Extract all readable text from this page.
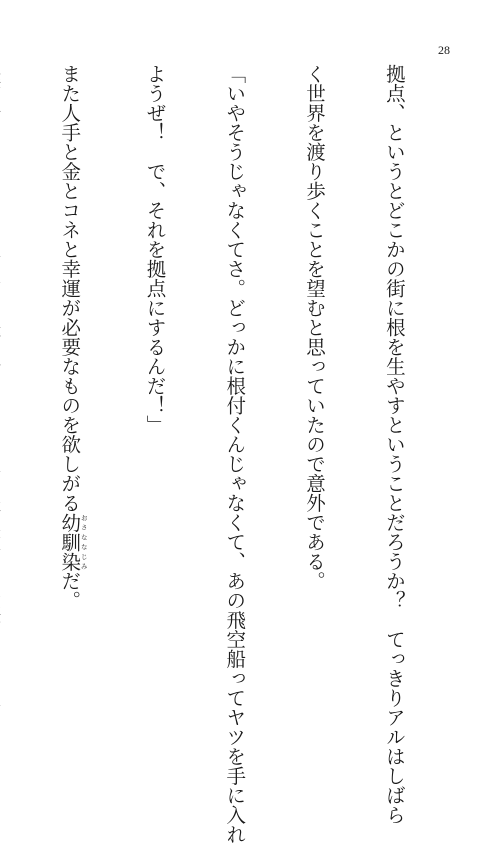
28

拠点、というとどこかの街に根を生やすということだろうか？　てっきりアルはしばら

く世界を渡り歩くことを望むと思っていたので意外である。

「いやそうじゃなくてさ。どっかに根付くんじゃなくて、あの飛空船ってヤツを手に入れ

ようぜ！　で、それを拠点にするんだ！」

また人手と金とコネと幸運が必要なものを欲しがる幼馴染おさななじみだ。
